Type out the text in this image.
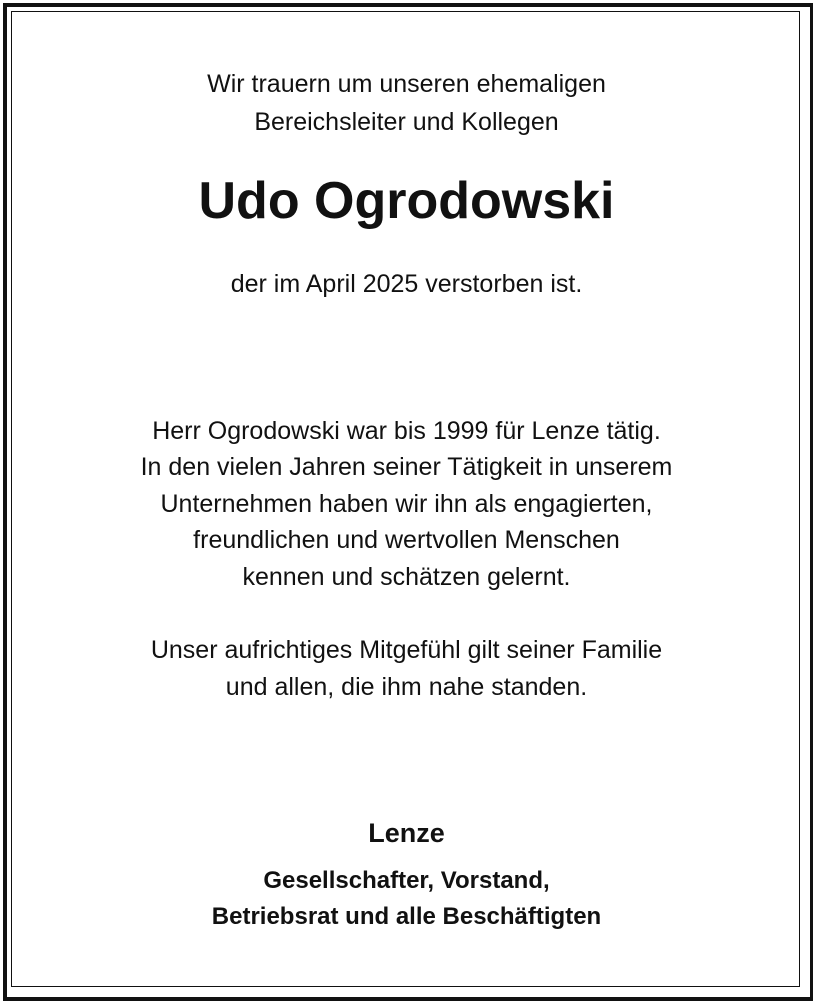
Wir trauern um unseren ehemaligen
Bereichsleiter und Kollegen
Udo Ogrodowski
der im April 2025 verstorben ist.
Herr Ogrodowski war bis 1999 für Lenze tätig.
In den vielen Jahren seiner Tätigkeit in unserem
Unternehmen haben wir ihn als engagierten,
freundlichen und wertvollen Menschen
kennen und schätzen gelernt.
Unser aufrichtiges Mitgefühl gilt seiner Familie
und allen, die ihm nahe standen.
Lenze
Gesellschafter, Vorstand,
Betriebsrat und alle Beschäftigten
